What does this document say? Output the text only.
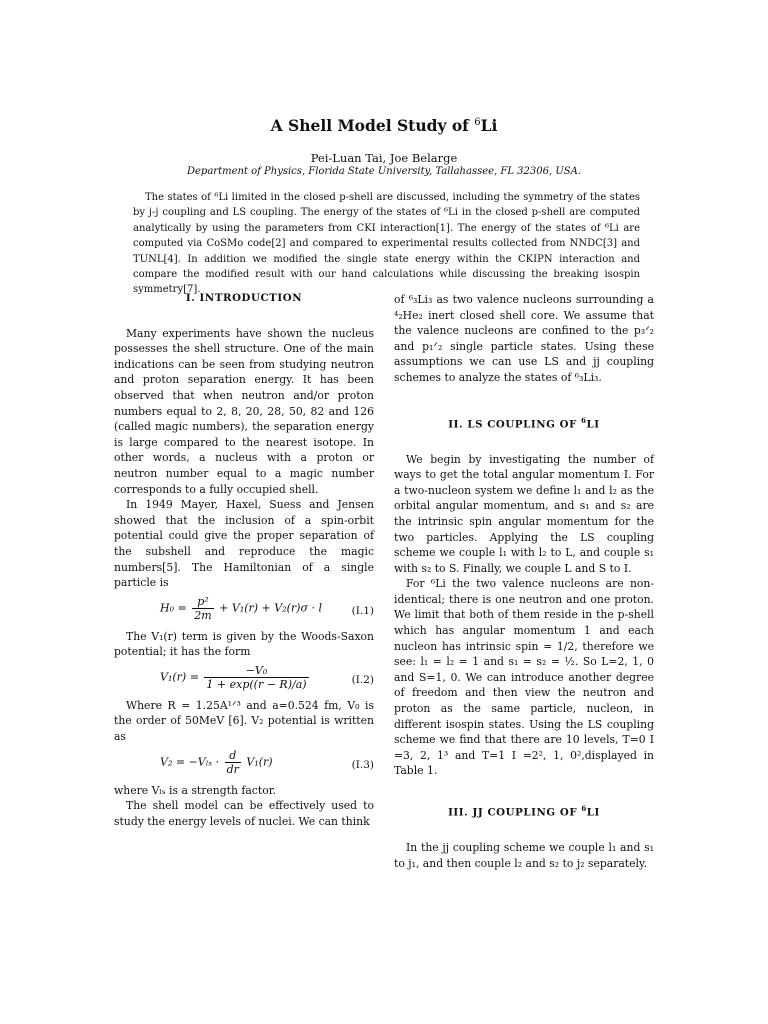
A Shell Model Study of $^6$Li
Pei-Luan Tai, Joe Belarge
Department of Physics, Florida State University, Tallahassee, FL 32306, USA.

The states of ⁶Li limited in the closed p-shell are discussed, including the symmetry of the states by j-j coupling and LS coupling. The energy of the states of ⁶Li in the closed p-shell are computed analytically by using the parameters from CKI interaction[1]. The energy of the states of ⁶Li are computed via CoSMo code[2] and compared to experimental results collected from NNDC[3] and TUNL[4]. In addition we modified the single state energy within the CKIPN interaction and compare the modified result with our hand calculations while discussing the breaking isospin symmetry[7].

I. INTRODUCTION

Many experiments have shown the nucleus possesses the shell structure. One of the main indications can be seen from studying neutron and proton separation energy. It has been observed that when neutron and/or proton numbers equal to 2, 8, 20, 28, 50, 82 and 126 (called magic numbers), the separation energy is large compared to the nearest isotope. In other words, a nucleus with a proton or neutron number equal to a magic number corresponds to a fully occupied shell.

In 1949 Mayer, Haxel, Suess and Jensen showed that the inclusion of a spin-orbit potential could give the proper separation of the subshell and reproduce the magic numbers[5]. The Hamiltonian of a single particle is

$H_0 = \frac{\text{p²}}{2m} + V_1(r) + V_2(r)\sigma \cdot l$	(I.1)

The V₁(r) term is given by the Woods-Saxon potential; it has the form

$V_1(r) = \frac{\text{−V₀}}{1 + \exp((r - R)/a)}$	(I.2)

Where R = 1.25A¹ᐟ³ and a=0.524 fm, V₀ is the order of 50MeV [6]. V₂ potential is written as

$V_2 = -V_{ls} \cdot \frac{d}{dr} V_1(r)$	(I.3)

where Vₗₛ is a strength factor.

The shell model can be effectively used to study the energy levels of nuclei. We can think

of ⁶₃Li₃ as two valence nucleons surrounding a ⁴₂He₂ inert closed shell core. We assume that the valence nucleons are confined to the p₃ᐟ₂ and p₁ᐟ₂ single particle states. Using these assumptions we can use LS and jj coupling schemes to analyze the states of ⁶₃Li₃.

II. LS COUPLING OF $^6$LI

We begin by investigating the number of ways to get the total angular momentum I. For a two-nucleon system we define l₁ and l₂ as the orbital angular momentum, and s₁ and s₂ are the intrinsic spin angular momentum for the two particles. Applying the LS coupling scheme we couple l₁ with l₂ to L, and couple s₁ with s₂ to S. Finally, we couple L and S to I.

For ⁶Li the two valence nucleons are non-identical; there is one neutron and one proton. We limit that both of them reside in the p-shell which has angular momentum 1 and each nucleon has intrinsic spin = 1/2, therefore we see: l₁ = l₂ = 1 and s₁ = s₂ = ½. So L=2, 1, 0 and S=1, 0. We can introduce another degree of freedom and then view the neutron and proton as the same particle, nucleon, in different isospin states. Using the LS coupling scheme we find that there are 10 levels, T=0 I =3, 2, 1³ and T=1 I =2², 1, 0²,displayed in Table 1.

III. JJ COUPLING OF $^6$LI

In the jj coupling scheme we couple l₁ and s₁ to j₁, and then couple l₂ and s₂ to j₂ separately.
